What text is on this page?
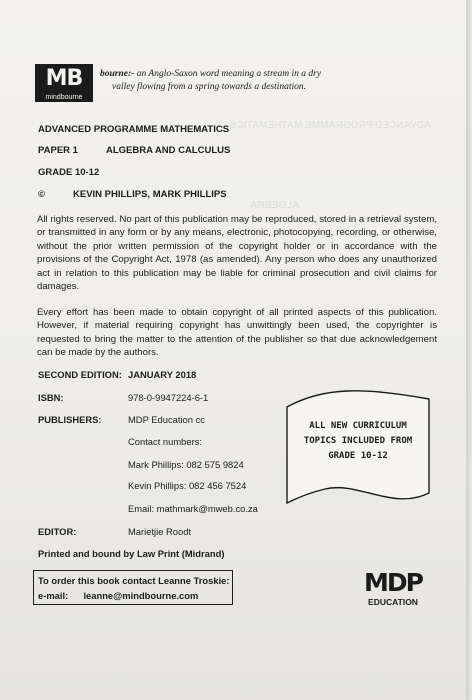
ADVANCED PROGRAMME MATHEMATICS
ALGEBRA
MB
mindbourne
bourne:- an Anglo-Saxon word meaning a stream in a dry
valley flowing from a spring towards a destination.
ADVANCED PROGRAMME MATHEMATICS
PAPER 1	ALGEBRA AND CALCULUS
GRADE 10-12
©	KEVIN PHILLIPS, MARK PHILLIPS
All rights reserved. No part of this publication may be reproduced, stored in a retrieval system, or transmitted in any form or by any means, electronic, photocopying, recording, or otherwise, without the prior written permission of the copyright holder or in accordance with the provisions of the Copyright Act, 1978 (as amended). Any person who does any unauthorized act in relation to this publication may be liable for criminal prosecution and civil claims for damages.
Every effort has been made to obtain copyright of all printed aspects of this publication. However, if material requiring copyright has unwittingly been used, the copyrighter is requested to bring the matter to the attention of the publisher so that due acknowledgement can be made by the authors.
SECOND EDITION: JANUARY 2018
ISBN:	978-0-9947224-6-1
PUBLISHERS:	MDP Education cc
Contact numbers:
Mark Phillips: 082 575 9824
Kevin Phillips: 082 456 7524
Email: mathmark@mweb.co.za
EDITOR:	Marietjie Roodt
Printed and bound by Law Print (Midrand)
To order this book contact Leanne Troskie:
e-mail: leanne@mindbourne.com
ALL NEW CURRICULUM
TOPICS INCLUDED FROM
GRADE 10-12
MDP
EDUCATION
